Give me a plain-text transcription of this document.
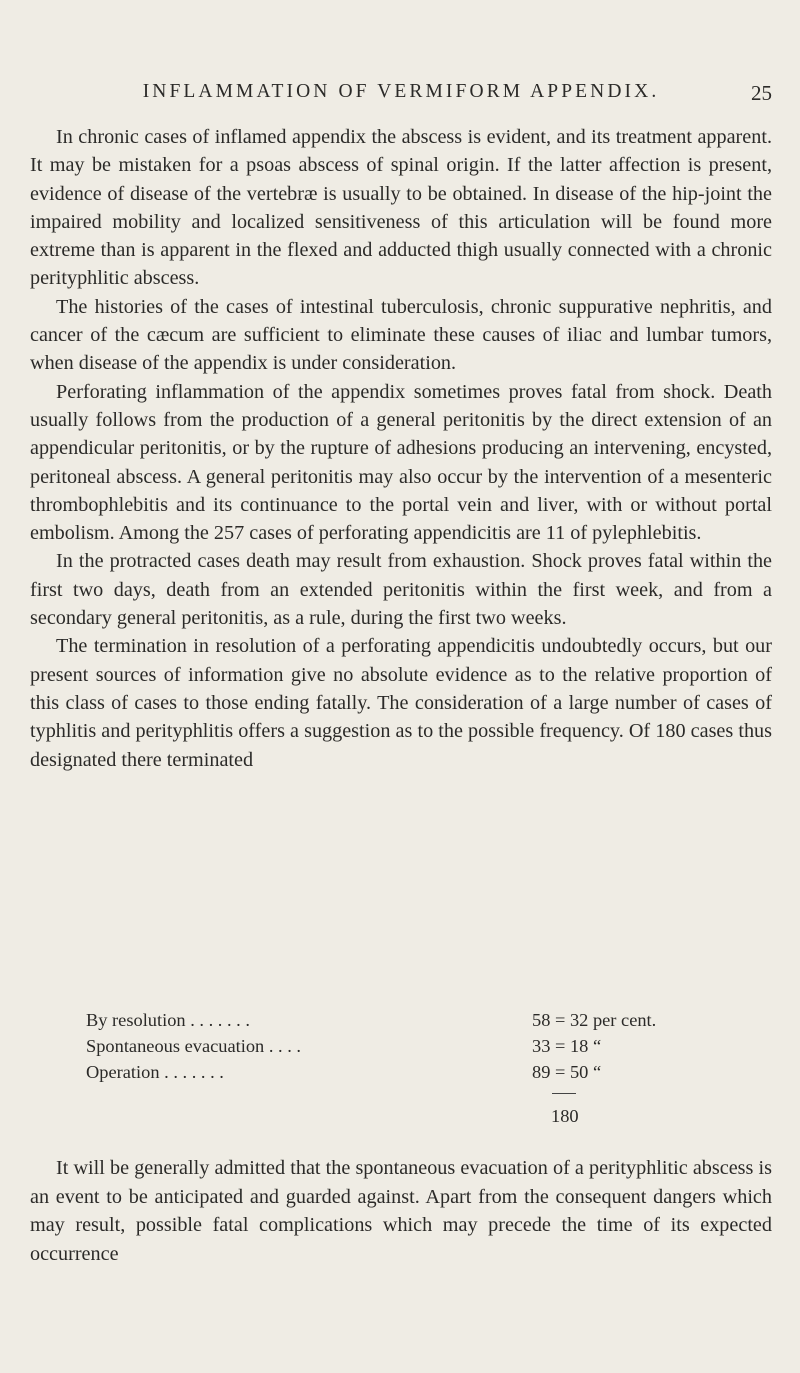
INFLAMMATION OF VERMIFORM APPENDIX.	25

In chronic cases of inflamed appendix the abscess is evident, and its treatment apparent. It may be mistaken for a psoas abscess of spinal origin. If the latter affection is present, evidence of disease of the vertebræ is usually to be obtained. In disease of the hip-joint the impaired mobility and localized sensitiveness of this articulation will be found more extreme than is apparent in the flexed and adducted thigh usually connected with a chronic perityphlitic abscess.

The histories of the cases of intestinal tuberculosis, chronic suppurative nephritis, and cancer of the cæcum are sufficient to eliminate these causes of iliac and lumbar tumors, when disease of the appendix is under consideration.

Perforating inflammation of the appendix sometimes proves fatal from shock. Death usually follows from the production of a general peritonitis by the direct extension of an appendicular peritonitis, or by the rupture of adhesions producing an intervening, encysted, peritoneal abscess. A general peritonitis may also occur by the intervention of a mesenteric thrombophlebitis and its continuance to the portal vein and liver, with or without portal embolism. Among the 257 cases of perforating appendicitis are 11 of pylephlebitis.

In the protracted cases death may result from exhaustion. Shock proves fatal within the first two days, death from an extended peritonitis within the first week, and from a secondary general peritonitis, as a rule, during the first two weeks.

The termination in resolution of a perforating appendicitis undoubtedly occurs, but our present sources of information give no absolute evidence as to the relative proportion of this class of cases to those ending fatally. The consideration of a large number of cases of typhlitis and perityphlitis offers a suggestion as to the possible frequency. Of 180 cases thus designated there terminated

By resolution . . . . . . .	58 = 32 per cent.
Spontaneous evacuation . . . .	33 = 18 “
Operation . . . . . . .	89 = 50 “
180

It will be generally admitted that the spontaneous evacuation of a perityphlitic abscess is an event to be anticipated and guarded against. Apart from the consequent dangers which may result, possible fatal complications which may precede the time of its expected occurrence
